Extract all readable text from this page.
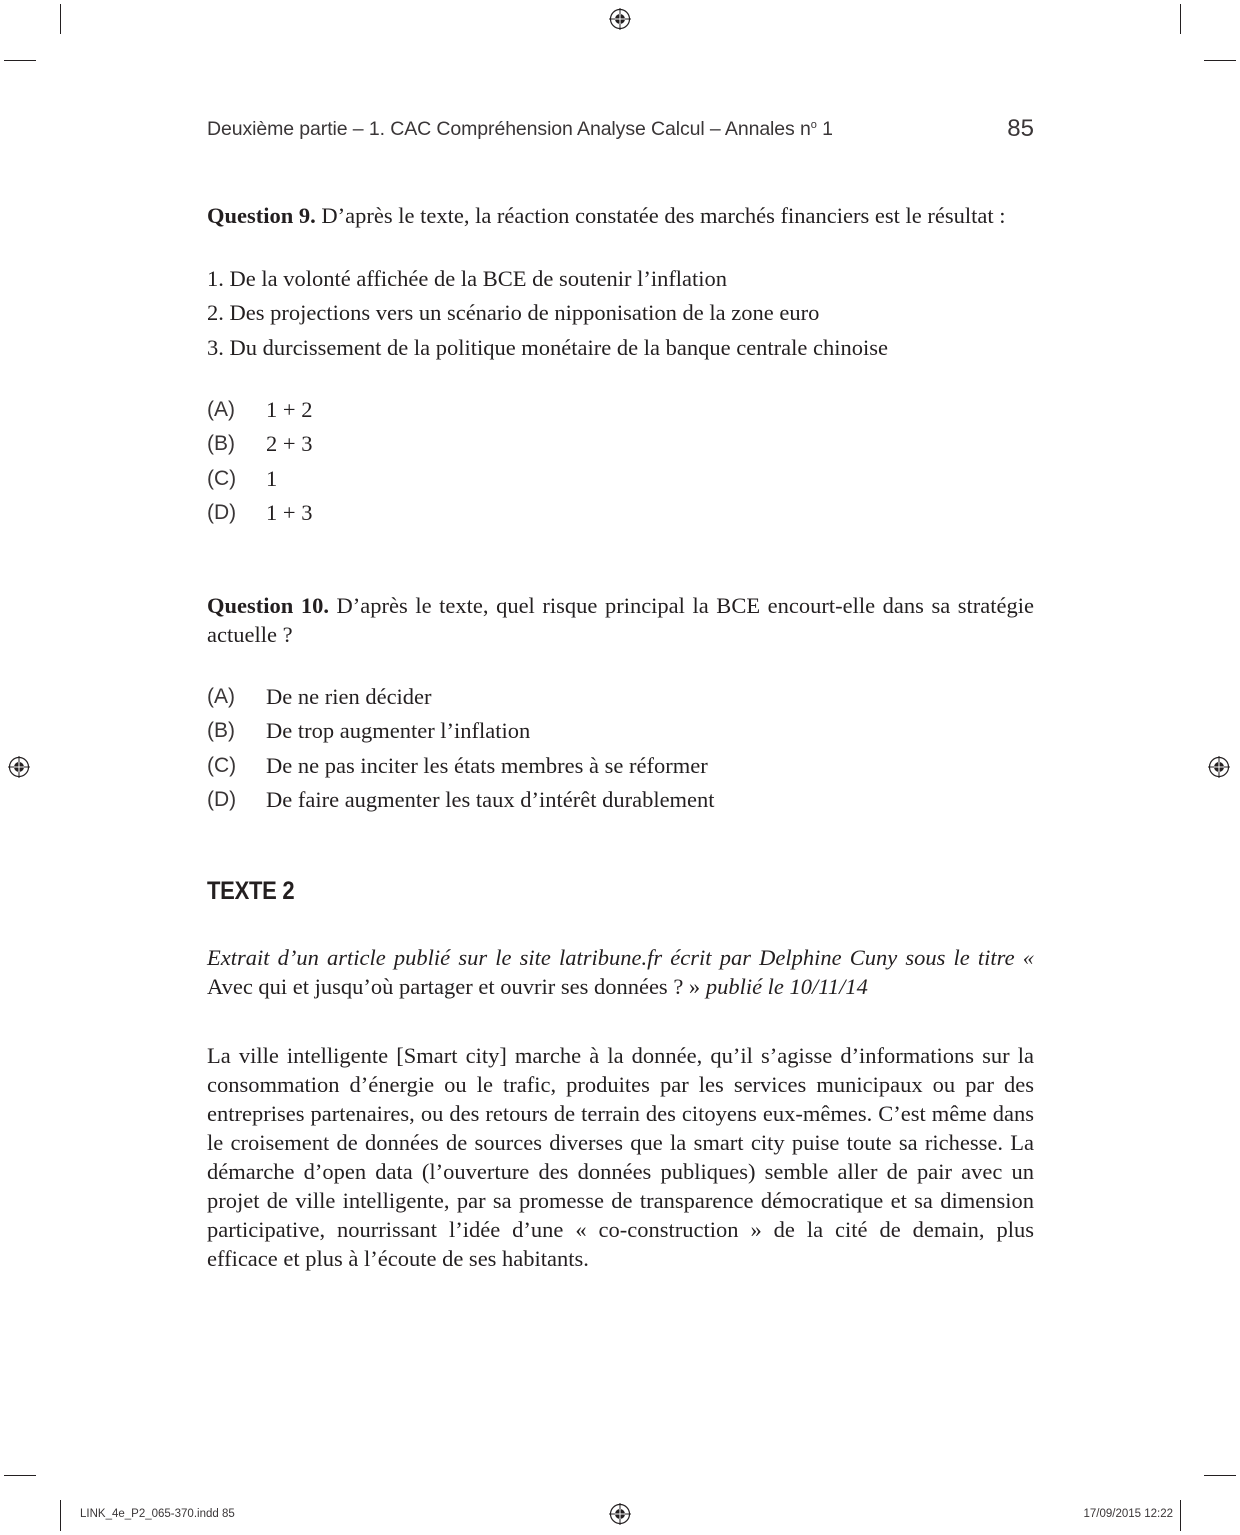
Deuxième partie – 1. CAC Compréhension Analyse Calcul – Annales $n^o$ 1	85
Question 9. D’après le texte, la réaction constatée des marchés financiers est le résultat :
1. De la volonté affichée de la BCE de soutenir l’inflation
2. Des projections vers un scénario de nipponisation de la zone euro
3. Du durcissement de la politique monétaire de la banque centrale chinoise
(A) 1 + 2
(B) 2 + 3
(C) 1
(D) 1 + 3
Question 10. D’après le texte, quel risque principal la BCE encourt-elle dans sa stratégie actuelle ?
(A) De ne rien décider
(B) De trop augmenter l’inflation
(C) De ne pas inciter les états membres à se réformer
(D) De faire augmenter les taux d’intérêt durablement
TEXTE 2
Extrait d’un article publié sur le site latribune.fr écrit par Delphine Cuny sous le titre « Avec qui et jusqu’où partager et ouvrir ses données ? » publié le 10/11/14
La ville intelligente [Smart city] marche à la donnée, qu’il s’agisse d’informations sur la consommation d’énergie ou le trafic, produites par les services municipaux ou par des entreprises partenaires, ou des retours de terrain des citoyens eux-mêmes. C’est même dans le croisement de données de sources diverses que la smart city puise toute sa richesse. La démarche d’open data (l’ouverture des données publiques) semble aller de pair avec un projet de ville intelligente, par sa promesse de transparence démocratique et sa dimension participative, nourrissant l’idée d’une « co-construction » de la cité de demain, plus efficace et plus à l’écoute de ses habitants.
LINK_4e_P2_065-370.indd 85	17/09/2015 12:22
